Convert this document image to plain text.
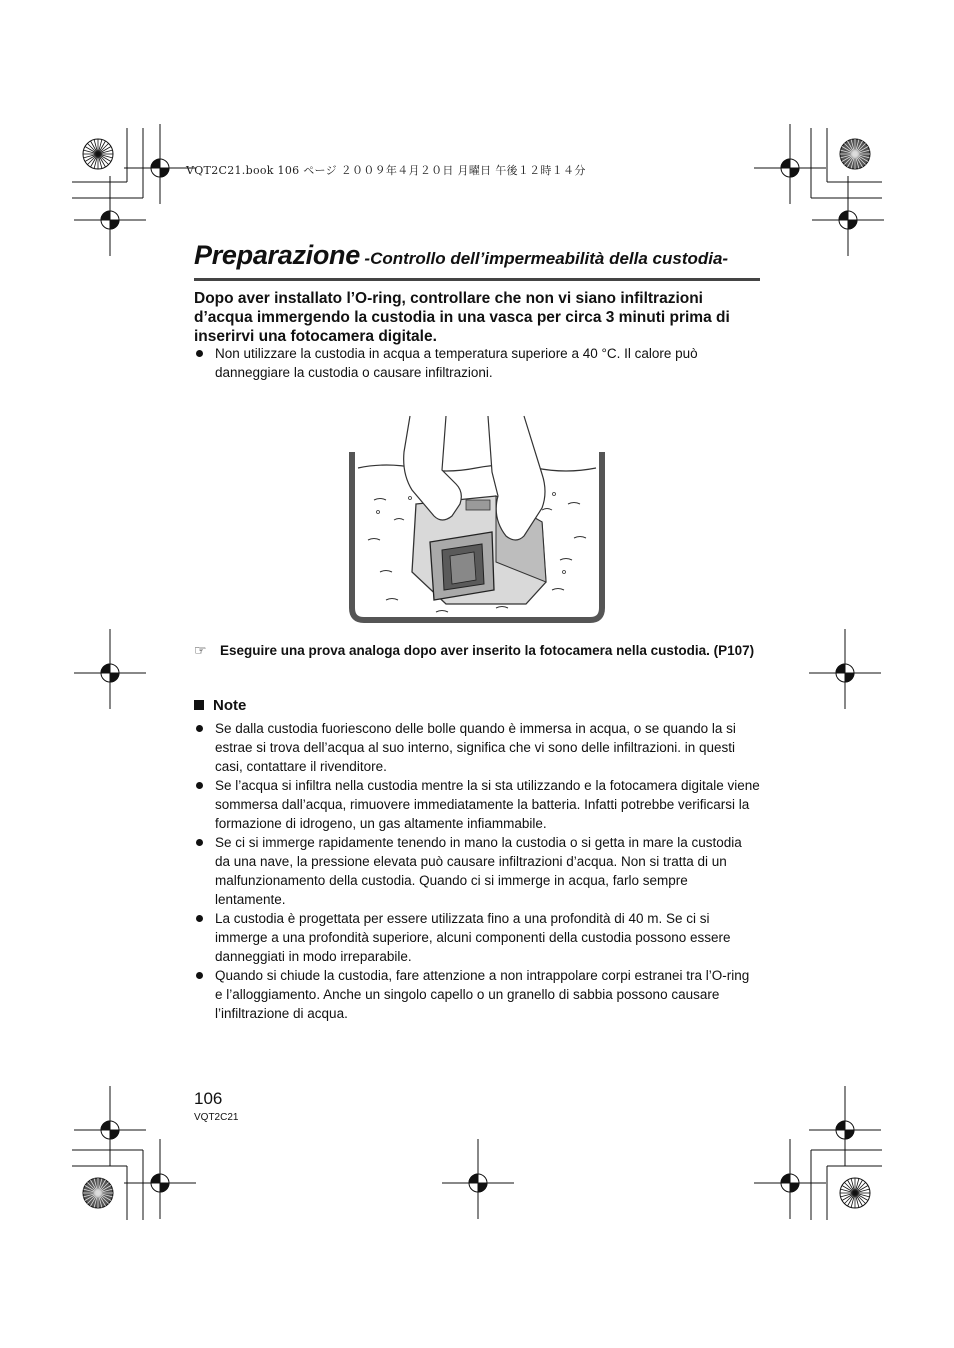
VQT2C21.book 106 ページ ２００９年４月２０日 月曜日 午後１２時１４分
Preparazione -Controllo dell’impermeabilità della custodia-
Dopo aver installato l’O-ring, controllare che non vi siano infiltrazioni d’acqua immergendo la custodia in una vasca per circa 3 minuti prima di inserirvi una fotocamera digitale.
Non utilizzare la custodia in acqua a temperatura superiore a 40 °C. Il calore può danneggiare la custodia o causare infiltrazioni.
☞ Eseguire una prova analoga dopo aver inserito la fotocamera nella custodia. (P107)
Note
Se dalla custodia fuoriescono delle bolle quando è immersa in acqua, o se quando la si estrae si trova dell’acqua al suo interno, significa che vi sono delle infiltrazioni. in questi casi, contattare il rivenditore.
Se l’acqua si infiltra nella custodia mentre la si sta utilizzando e la fotocamera digitale viene sommersa dall’acqua, rimuovere immediatamente la batteria. Infatti potrebbe verificarsi la formazione di idrogeno, un gas altamente infiammabile.
Se ci si immerge rapidamente tenendo in mano la custodia o si getta in mare la custodia da una nave, la pressione elevata può causare infiltrazioni d’acqua. Non si tratta di un malfunzionamento della custodia. Quando ci si immerge in acqua, farlo sempre lentamente.
La custodia è progettata per essere utilizzata fino a una profondità di 40 m. Se ci si immerge a una profondità superiore, alcuni componenti della custodia possono essere danneggiati in modo irreparabile.
Quando si chiude la custodia, fare attenzione a non intrappolare corpi estranei tra l’O-ring e l’alloggiamento. Anche un singolo capello o un granello di sabbia possono causare l’infiltrazione di acqua.
106
VQT2C21
